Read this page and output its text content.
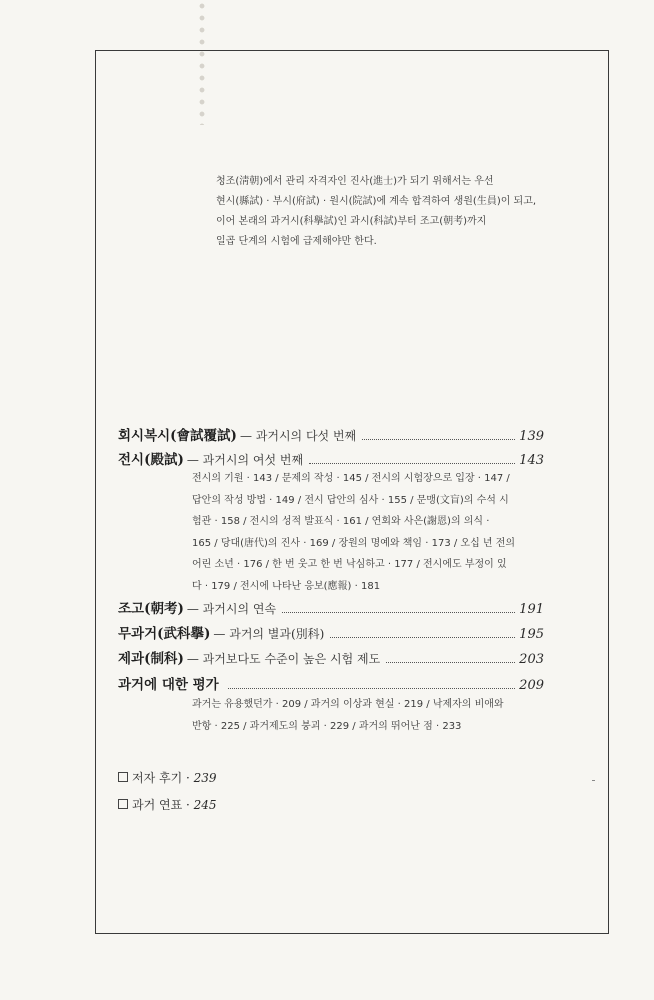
청조(淸朝)에서 관리 자격자인 진사(進士)가 되기 위해서는 우선

현시(縣試) · 부시(府試) · 원시(院試)에 계속 합격하여 생원(生員)이 되고,

이어 본래의 과거시(科擧試)인 과시(科試)부터 조고(朝考)까지

일곱 단계의 시험에 급제해야만 한다.

회시복시(會試覆試) — 과거시의 다섯 번째	139
전시(殿試) — 과거시의 여섯 번째	143
조고(朝考) — 과거시의 연속	191
무과거(武科擧) — 과거의 별과(別科)	195
제과(制科) — 과거보다도 수준이 높은 시험 제도	203
과거에 대한 평가	209

전시의 기원 · 143 / 문제의 작성 · 145 / 전시의 시험장으로 입장 · 147 /

답안의 작성 방법 · 149 / 전시 답안의 심사 · 155 / 문맹(文盲)의 수석 시

험관 · 158 / 전시의 성적 발표식 · 161 / 연회와 사은(謝恩)의 의식 ·

165 / 당대(唐代)의 진사 · 169 / 장원의 명예와 책임 · 173 / 오십 년 전의

어린 소년 · 176 / 한 번 웃고 한 번 낙심하고 · 177 / 전시에도 부정이 있

다 · 179 / 전시에 나타난 응보(應報) · 181

과거는 유용했던가 · 209 / 과거의 이상과 현실 · 219 / 낙제자의 비애와

반항 · 225 / 과거제도의 붕괴 · 229 / 과거의 뛰어난 점 · 233

저자 후기 · 239
과거 연표 · 245
